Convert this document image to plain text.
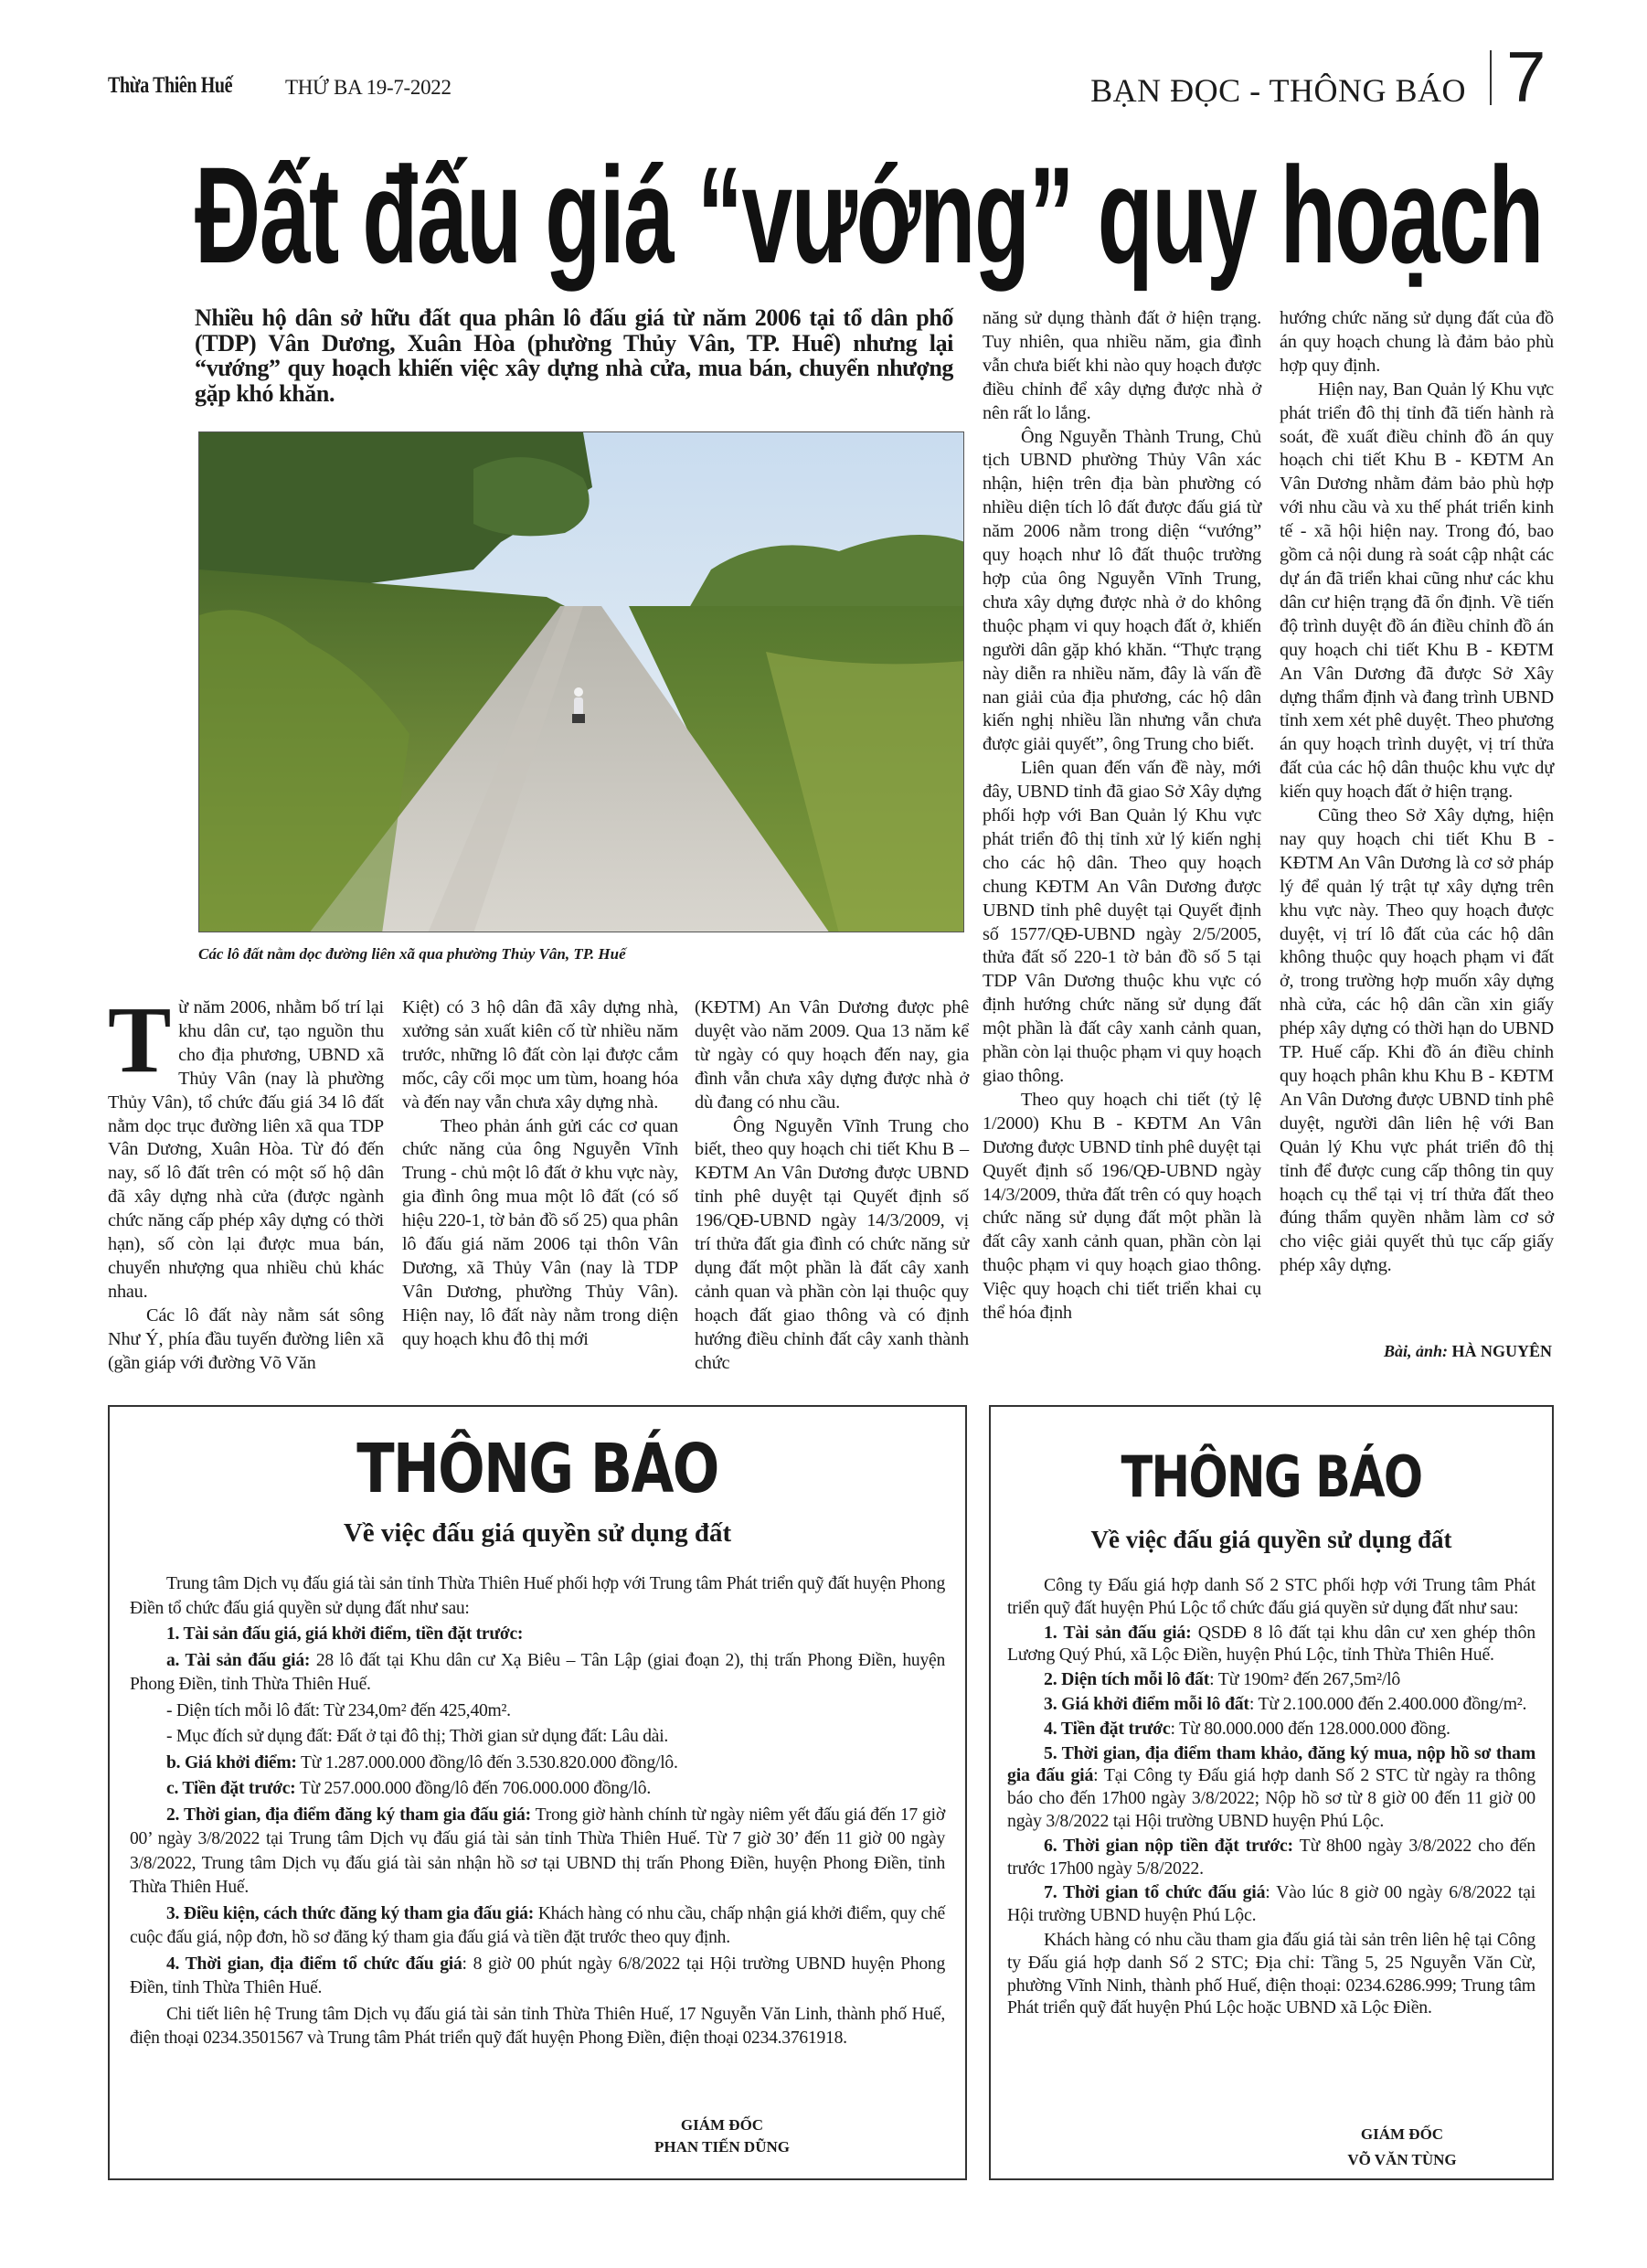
Thừa Thiên Huế	THỨ BA 19-7-2022	BẠN ĐỌC - THÔNG BÁO 7
Đất đấu giá “vướng” quy hoạch
Nhiều hộ dân sở hữu đất qua phân lô đấu giá từ năm 2006 tại tổ dân phố (TDP) Vân Dương, Xuân Hòa (phường Thủy Vân, TP. Huế) nhưng lại “vướng” quy hoạch khiến việc xây dựng nhà cửa, mua bán, chuyển nhượng gặp khó khăn.
Các lô đất nằm dọc đường liên xã qua phường Thủy Vân, TP. Huế
T ừ năm 2006, nhằm bố trí lại khu dân cư, tạo nguồn thu cho địa phương, UBND xã Thủy Vân (nay là phường Thủy Vân), tổ chức đấu giá 34 lô đất nằm dọc trục đường liên xã qua TDP Vân Dương, Xuân Hòa. Từ đó đến nay, số lô đất trên có một số hộ dân đã xây dựng nhà cửa (được ngành chức năng cấp phép xây dựng có thời hạn), số còn lại được mua bán, chuyển nhượng qua nhiều chủ khác nhau.

Các lô đất này nằm sát sông Như Ý, phía đầu tuyến đường liên xã (gần giáp với đường Võ Văn

Kiệt) có 3 hộ dân đã xây dựng nhà, xưởng sản xuất kiên cố từ nhiều năm trước, những lô đất còn lại được cắm mốc, cây cối mọc um tùm, hoang hóa và đến nay vẫn chưa xây dựng nhà.

Theo phản ánh gửi các cơ quan chức năng của ông Nguyễn Vĩnh Trung - chủ một lô đất ở khu vực này, gia đình ông mua một lô đất (có số hiệu 220-1, tờ bản đồ số 25) qua phân lô đấu giá năm 2006 tại thôn Vân Dương, xã Thủy Vân (nay là TDP Vân Dương, phường Thủy Vân). Hiện nay, lô đất này nằm trong diện quy hoạch khu đô thị mới

(KĐTM) An Vân Dương được phê duyệt vào năm 2009. Qua 13 năm kể từ ngày có quy hoạch đến nay, gia đình vẫn chưa xây dựng được nhà ở dù đang có nhu cầu.

Ông Nguyễn Vĩnh Trung cho biết, theo quy hoạch chi tiết Khu B – KĐTM An Vân Dương được UBND tỉnh phê duyệt tại Quyết định số 196/QĐ-UBND ngày 14/3/2009, vị trí thửa đất gia đình có chức năng sử dụng đất một phần là đất cây xanh cảnh quan và phần còn lại thuộc quy hoạch đất giao thông và có định hướng điều chỉnh đất cây xanh thành chức

năng sử dụng thành đất ở hiện trạng. Tuy nhiên, qua nhiều năm, gia đình vẫn chưa biết khi nào quy hoạch được điều chỉnh để xây dựng được nhà ở nên rất lo lắng.

Ông Nguyễn Thành Trung, Chủ tịch UBND phường Thủy Vân xác nhận, hiện trên địa bàn phường có nhiều diện tích lô đất được đấu giá từ năm 2006 nằm trong diện “vướng” quy hoạch như lô đất thuộc trường hợp của ông Nguyễn Vĩnh Trung, chưa xây dựng được nhà ở do không thuộc phạm vi quy hoạch đất ở, khiến người dân gặp khó khăn. “Thực trạng này diễn ra nhiều năm, đây là vấn đề nan giải của địa phương, các hộ dân kiến nghị nhiều lần nhưng vẫn chưa được giải quyết”, ông Trung cho biết.

Liên quan đến vấn đề này, mới đây, UBND tỉnh đã giao Sở Xây dựng phối hợp với Ban Quản lý Khu vực phát triển đô thị tỉnh xử lý kiến nghị cho các hộ dân. Theo quy hoạch chung KĐTM An Vân Dương được UBND tỉnh phê duyệt tại Quyết định số 1577/QĐ-UBND ngày 2/5/2005, thửa đất số 220-1 tờ bản đồ số 5 tại TDP Vân Dương thuộc khu vực có định hướng chức năng sử dụng đất một phần là đất cây xanh cảnh quan, phần còn lại thuộc phạm vi quy hoạch giao thông.

Theo quy hoạch chi tiết (tỷ lệ 1/2000) Khu B - KĐTM An Vân Dương được UBND tỉnh phê duyệt tại Quyết định số 196/QĐ-UBND ngày 14/3/2009, thửa đất trên có quy hoạch chức năng sử dụng đất một phần là đất cây xanh cảnh quan, phần còn lại thuộc phạm vi quy hoạch giao thông. Việc quy hoạch chi tiết triển khai cụ thể hóa định

hướng chức năng sử dụng đất của đồ án quy hoạch chung là đảm bảo phù hợp quy định.

Hiện nay, Ban Quản lý Khu vực phát triển đô thị tỉnh đã tiến hành rà soát, đề xuất điều chỉnh đồ án quy hoạch chi tiết Khu B - KĐTM An Vân Dương nhằm đảm bảo phù hợp với nhu cầu và xu thế phát triển kinh tế - xã hội hiện nay. Trong đó, bao gồm cả nội dung rà soát cập nhật các dự án đã triển khai cũng như các khu dân cư hiện trạng đã ổn định. Về tiến độ trình duyệt đồ án điều chỉnh đồ án quy hoạch chi tiết Khu B - KĐTM An Vân Dương đã được Sở Xây dựng thẩm định và đang trình UBND tỉnh xem xét phê duyệt. Theo phương án quy hoạch trình duyệt, vị trí thửa đất của các hộ dân thuộc khu vực dự kiến quy hoạch đất ở hiện trạng.

Cũng theo Sở Xây dựng, hiện nay quy hoạch chi tiết Khu B - KĐTM An Vân Dương là cơ sở pháp lý để quản lý trật tự xây dựng trên khu vực này. Theo quy hoạch được duyệt, vị trí lô đất của các hộ dân không thuộc quy hoạch phạm vi đất ở, trong trường hợp muốn xây dựng nhà cửa, các hộ dân cần xin giấy phép xây dựng có thời hạn do UBND TP. Huế cấp. Khi đồ án điều chỉnh quy hoạch phân khu Khu B - KĐTM An Vân Dương được UBND tỉnh phê duyệt, người dân liên hệ với Ban Quản lý Khu vực phát triển đô thị tỉnh để được cung cấp thông tin quy hoạch cụ thể tại vị trí thửa đất theo đúng thẩm quyền nhằm làm cơ sở cho việc giải quyết thủ tục cấp giấy phép xây dựng.

Bài, ảnh: HÀ NGUYÊN
THÔNG BÁO
Về việc đấu giá quyền sử dụng đất

Trung tâm Dịch vụ đấu giá tài sản tỉnh Thừa Thiên Huế phối hợp với Trung tâm Phát triển quỹ đất huyện Phong Điền tổ chức đấu giá quyền sử dụng đất như sau:

1. Tài sản đấu giá, giá khởi điểm, tiền đặt trước:

a. Tài sản đấu giá: 28 lô đất tại Khu dân cư Xạ Biêu – Tân Lập (giai đoạn 2), thị trấn Phong Điền, huyện Phong Điền, tỉnh Thừa Thiên Huế.

- Diện tích mỗi lô đất: Từ 234,0m² đến 425,40m².

- Mục đích sử dụng đất: Đất ở tại đô thị; Thời gian sử dụng đất: Lâu dài.

b. Giá khởi điểm: Từ 1.287.000.000 đồng/lô đến 3.530.820.000 đồng/lô.

c. Tiền đặt trước: Từ 257.000.000 đồng/lô đến 706.000.000 đồng/lô.

2. Thời gian, địa điểm đăng ký tham gia đấu giá: Trong giờ hành chính từ ngày niêm yết đấu giá đến 17 giờ 00’ ngày 3/8/2022 tại Trung tâm Dịch vụ đấu giá tài sản tỉnh Thừa Thiên Huế. Từ 7 giờ 30’ đến 11 giờ 00 ngày 3/8/2022, Trung tâm Dịch vụ đấu giá tài sản nhận hồ sơ tại UBND thị trấn Phong Điền, huyện Phong Điền, tỉnh Thừa Thiên Huế.

3. Điều kiện, cách thức đăng ký tham gia đấu giá: Khách hàng có nhu cầu, chấp nhận giá khởi điểm, quy chế cuộc đấu giá, nộp đơn, hồ sơ đăng ký tham gia đấu giá và tiền đặt trước theo quy định.

4. Thời gian, địa điểm tổ chức đấu giá: 8 giờ 00 phút ngày 6/8/2022 tại Hội trường UBND huyện Phong Điền, tỉnh Thừa Thiên Huế.

Chi tiết liên hệ Trung tâm Dịch vụ đấu giá tài sản tỉnh Thừa Thiên Huế, 17 Nguyễn Văn Linh, thành phố Huế, điện thoại 0234.3501567 và Trung tâm Phát triển quỹ đất huyện Phong Điền, điện thoại 0234.3761918.

GIÁM ĐỐC
PHAN TIẾN DŨNG
THÔNG BÁO
Về việc đấu giá quyền sử dụng đất

Công ty Đấu giá hợp danh Số 2 STC phối hợp với Trung tâm Phát triển quỹ đất huyện Phú Lộc tổ chức đấu giá quyền sử dụng đất như sau:

1. Tài sản đấu giá: QSDĐ 8 lô đất tại khu dân cư xen ghép thôn Lương Quý Phú, xã Lộc Điền, huyện Phú Lộc, tỉnh Thừa Thiên Huế.

2. Diện tích mỗi lô đất: Từ 190m² đến 267,5m²/lô

3. Giá khởi điểm mỗi lô đất: Từ 2.100.000 đến 2.400.000 đồng/m².

4. Tiền đặt trước: Từ 80.000.000 đến 128.000.000 đồng.

5. Thời gian, địa điểm tham khảo, đăng ký mua, nộp hồ sơ tham gia đấu giá: Tại Công ty Đấu giá hợp danh Số 2 STC từ ngày ra thông báo cho đến 17h00 ngày 3/8/2022; Nộp hồ sơ từ 8 giờ 00 đến 11 giờ 00 ngày 3/8/2022 tại Hội trường UBND huyện Phú Lộc.

6. Thời gian nộp tiền đặt trước: Từ 8h00 ngày 3/8/2022 cho đến trước 17h00 ngày 5/8/2022.

7. Thời gian tổ chức đấu giá: Vào lúc 8 giờ 00 ngày 6/8/2022 tại Hội trường UBND huyện Phú Lộc.

Khách hàng có nhu cầu tham gia đấu giá tài sản trên liên hệ tại Công ty Đấu giá hợp danh Số 2 STC; Địa chỉ: Tầng 5, 25 Nguyễn Văn Cừ, phường Vĩnh Ninh, thành phố Huế, điện thoại: 0234.6286.999; Trung tâm Phát triển quỹ đất huyện Phú Lộc hoặc UBND xã Lộc Điền.

GIÁM ĐỐC
VÕ VĂN TÙNG
